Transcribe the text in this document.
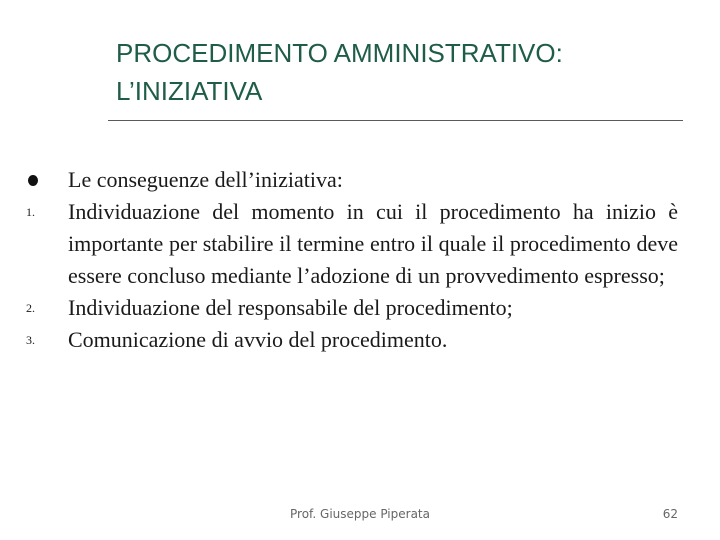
PROCEDIMENTO AMMINISTRATIVO:
L’INIZIATIVA
Le conseguenze dell’iniziativa:
1.	Individuazione del momento in cui il procedimento ha inizio è importante per stabilire il termine entro il quale il procedimento deve essere concluso mediante l’adozione di un provvedimento espresso;
2.	Individuazione del responsabile del procedimento;
3.	Comunicazione di avvio del procedimento.
Prof. Giuseppe Piperata	62
